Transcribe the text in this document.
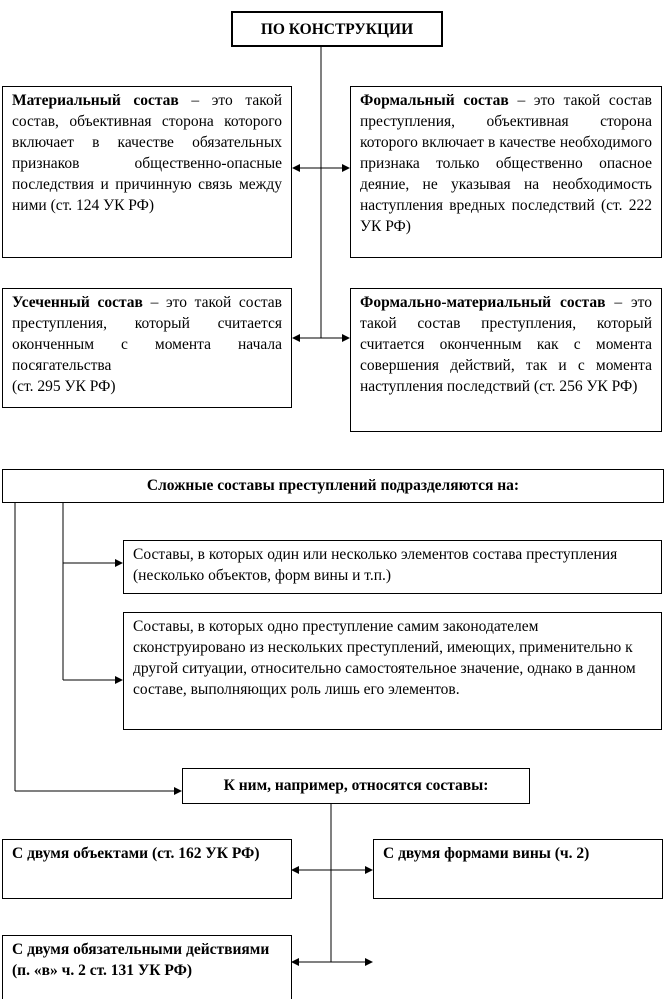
ПО КОНСТРУКЦИИ
Материальный состав – это такой состав, объективная сторона которого включает в качестве обязательных признаков общественно-опасные последствия и причинную связь между ними (ст. 124 УК РФ)
Формальный состав – это такой состав преступления, объективная сторона которого включает в качестве необходимого признака только общественно опасное деяние, не указывая на необходимость наступления вредных последствий (ст. 222 УК РФ)
Усеченный состав – это такой состав преступления, который считается оконченным с момента начала посягательства
(ст. 295 УК РФ)
Формально-материальный состав – это такой состав преступления, который считается оконченным как с момента совершения действий, так и с момента наступления последствий (ст. 256 УК РФ)
Сложные составы преступлений подразделяются на:
Составы, в которых один или несколько элементов состава преступления (несколько объектов, форм вины и т.п.)
Составы, в которых одно преступление самим законодателем сконструировано из нескольких преступлений, имеющих, применительно к другой ситуации, относительно самостоятельное значение, однако в данном составе, выполняющих роль лишь его элементов.
К ним, например, относятся составы:
С двумя объектами (ст. 162 УК РФ)	С двумя формами вины (ч. 2)
С двумя обязательными действиями (п. «в» ч. 2 ст. 131 УК РФ)
